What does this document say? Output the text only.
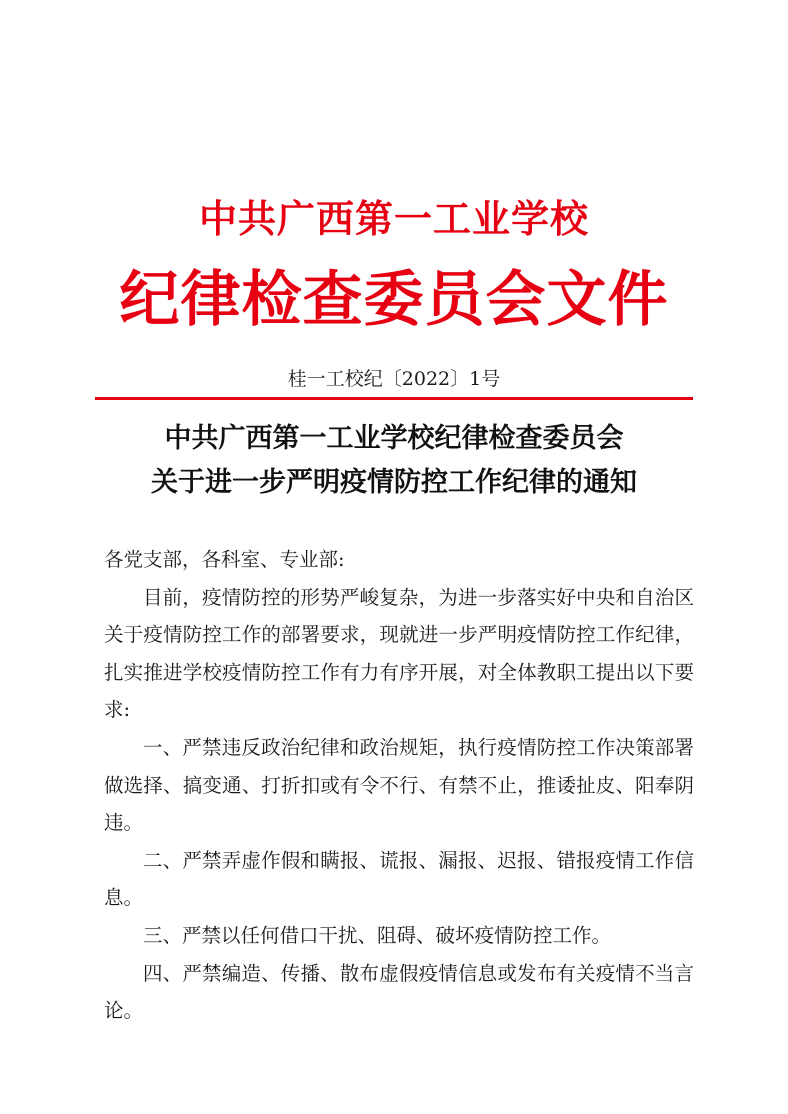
中共广西第一工业学校
纪律检查委员会文件
桂一工校纪〔2022〕1号
中共广西第一工业学校纪律检查委员会
关于进一步严明疫情防控工作纪律的通知

各党支部，各科室、专业部:

目前，疫情防控的形势严峻复杂，为进一步落实好中央和自治区关于疫情防控工作的部署要求，现就进一步严明疫情防控工作纪律，扎实推进学校疫情防控工作有力有序开展，对全体教职工提出以下要求:

一、严禁违反政治纪律和政治规矩，执行疫情防控工作决策部署做选择、搞变通、打折扣或有令不行、有禁不止，推诿扯皮、阳奉阴违。

二、严禁弄虚作假和瞒报、谎报、漏报、迟报、错报疫情工作信息。

三、严禁以任何借口干扰、阻碍、破坏疫情防控工作。

四、严禁编造、传播、散布虚假疫情信息或发布有关疫情不当言论。
